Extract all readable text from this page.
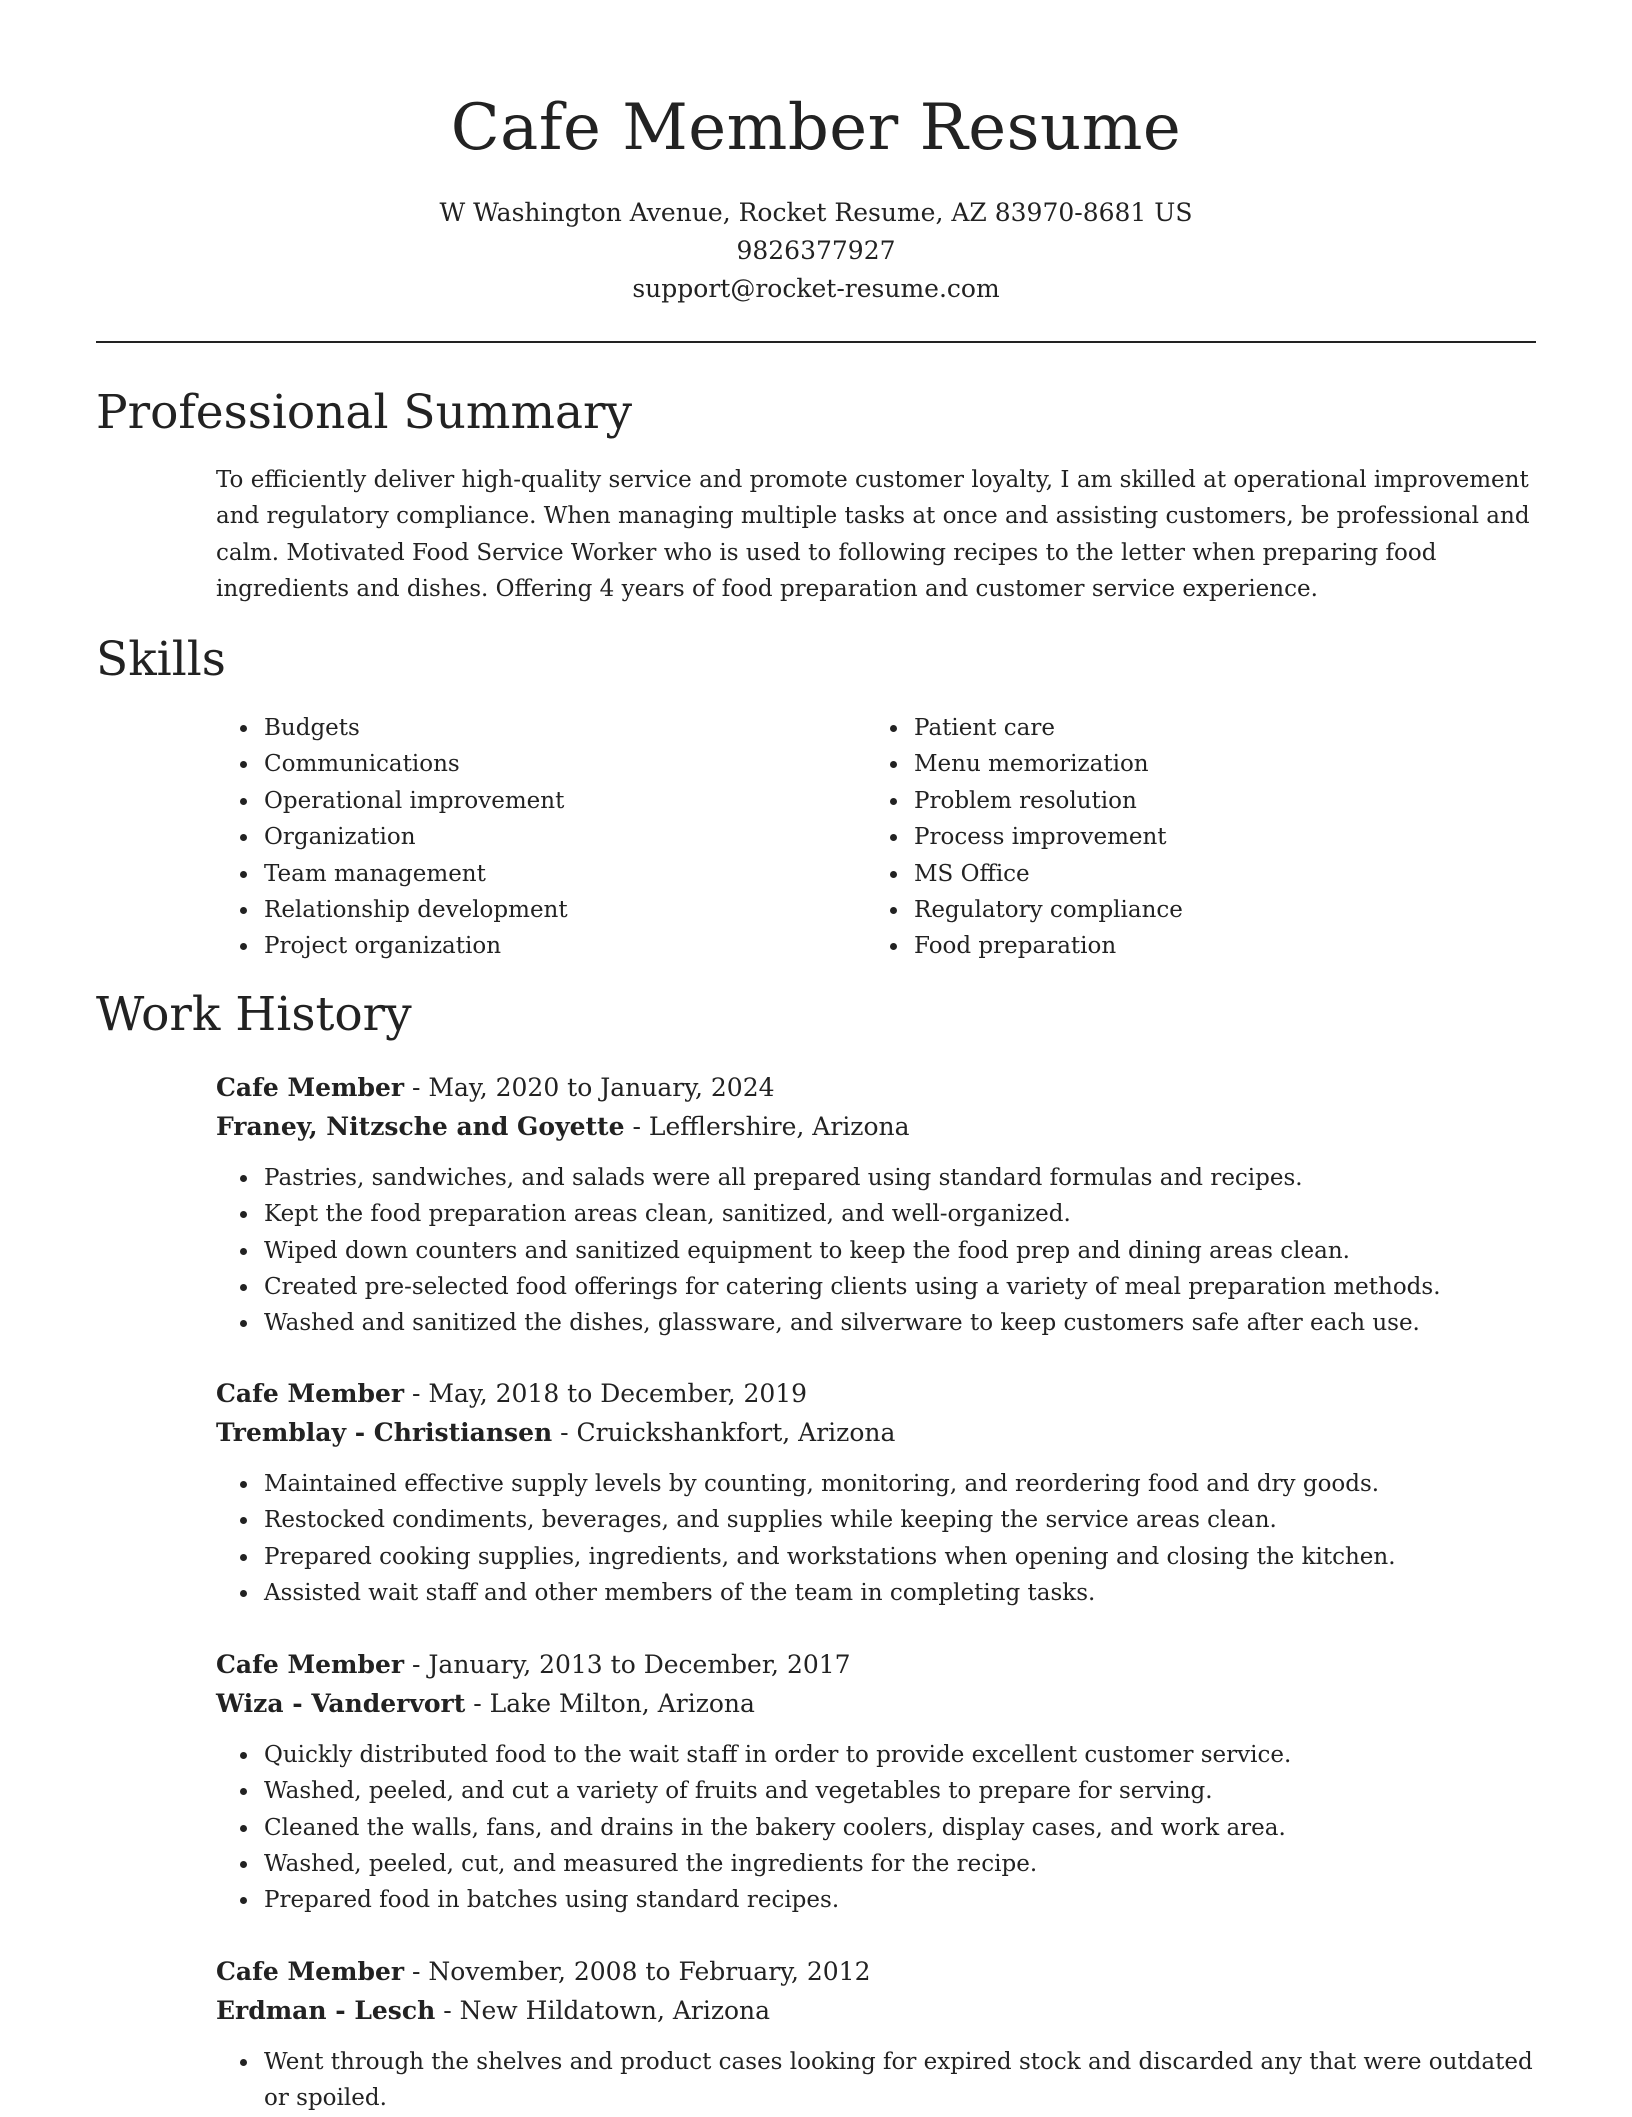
Cafe Member Resume
W Washington Avenue, Rocket Resume, AZ 83970-8681 US
9826377927
support@rocket-resume.com
Professional Summary

To efficiently deliver high-quality service and promote customer loyalty, I am skilled at operational improvement and regulatory compliance. When managing multiple tasks at once and assisting customers, be professional and calm. Motivated Food Service Worker who is used to following recipes to the letter when preparing food ingredients and dishes. Offering 4 years of food preparation and customer service experience.

Skills
• Budgets
• Communications
• Operational improvement
• Organization
• Team management
• Relationship development
• Project organization
• Patient care
• Menu memorization
• Problem resolution
• Process improvement
• MS Office
• Regulatory compliance
• Food preparation
Work History

Cafe Member - May, 2020 to January, 2024

Franey, Nitzsche and Goyette - Lefflershire, Arizona

• Pastries, sandwiches, and salads were all prepared using standard formulas and recipes.
• Kept the food preparation areas clean, sanitized, and well-organized.
• Wiped down counters and sanitized equipment to keep the food prep and dining areas clean.
• Created pre-selected food offerings for catering clients using a variety of meal preparation methods.
• Washed and sanitized the dishes, glassware, and silverware to keep customers safe after each use.

Cafe Member - May, 2018 to December, 2019

Tremblay - Christiansen - Cruickshankfort, Arizona

• Maintained effective supply levels by counting, monitoring, and reordering food and dry goods.
• Restocked condiments, beverages, and supplies while keeping the service areas clean.
• Prepared cooking supplies, ingredients, and workstations when opening and closing the kitchen.
• Assisted wait staff and other members of the team in completing tasks.

Cafe Member - January, 2013 to December, 2017

Wiza - Vandervort - Lake Milton, Arizona

• Quickly distributed food to the wait staff in order to provide excellent customer service.
• Washed, peeled, and cut a variety of fruits and vegetables to prepare for serving.
• Cleaned the walls, fans, and drains in the bakery coolers, display cases, and work area.
• Washed, peeled, cut, and measured the ingredients for the recipe.
• Prepared food in batches using standard recipes.

Cafe Member - November, 2008 to February, 2012

Erdman - Lesch - New Hildatown, Arizona

• Went through the shelves and product cases looking for expired stock and discarded any that were outdated or spoiled.
